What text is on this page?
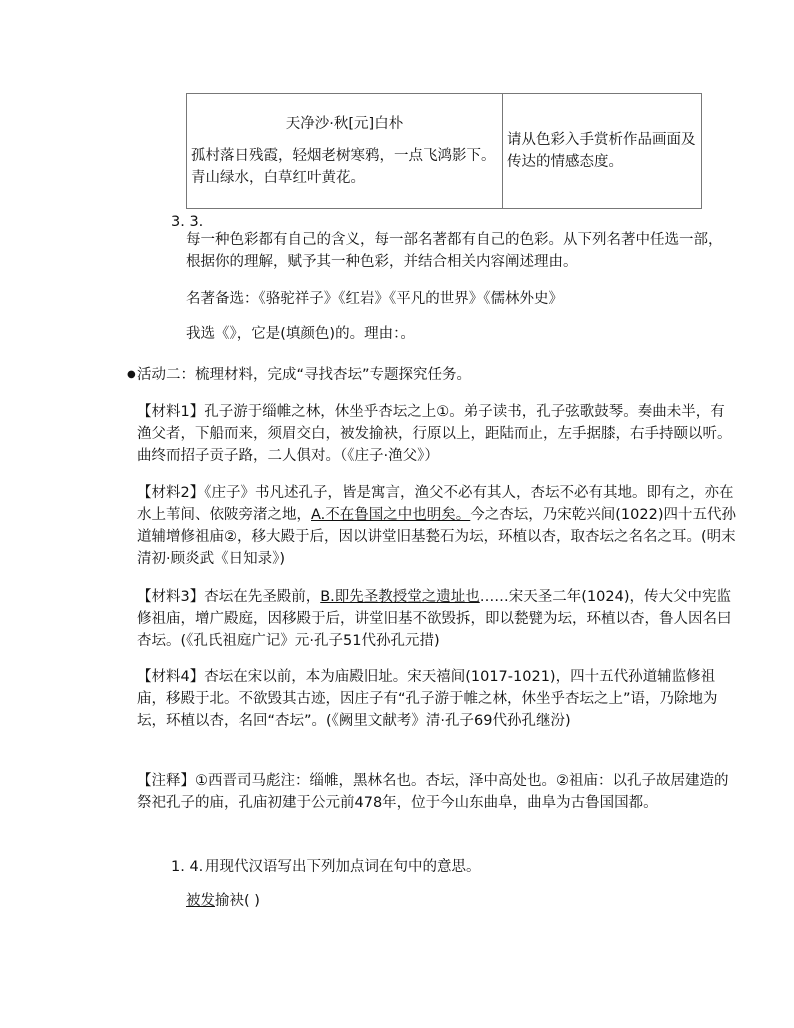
天净沙·秋[元]白朴

孤村落日残霞，轻烟老树寒鸦，一点飞鸿影下。青山绿水，白草红叶黄花。

请从色彩入手赏析作品画面及传达的情感态度。

3. 3.
每一种色彩都有自己的含义，每一部名著都有自己的色彩。从下列名著中任选一部，根据你的理解，赋予其一种色彩，并结合相关内容阐述理由。
名著备选：《骆驼祥子》《红岩》《平凡的世界》《儒林外史》
我选《》，它是(填颜色)的。理由：。
● 活动二：梳理材料，完成“寻找杏坛”专题探究任务。
【材料1】孔子游于缁帷之林，休坐乎杏坛之上①。弟子读书，孔子弦歌鼓琴。奏曲未半，有渔父者，下船而来，须眉交白，被发揄袂，行原以上，距陆而止，左手据膝，右手持颐以听。曲终而招子贡子路，二人俱对。（《庄子·渔父》）
【材料2】《庄子》书凡述孔子，皆是寓言，渔父不必有其人，杏坛不必有其地。即有之，亦在水上苇间、依陂旁渚之地，A.不在鲁国之中也明矣。今之杏坛，乃宋乾兴间(1022)四十五代孙道辅增修祖庙②，移大殿于后，因以讲堂旧基甃石为坛，环植以杏，取杏坛之名名之耳。(明末清初·顾炎武《日知录》)
【材料3】杏坛在先圣殿前，B.即先圣教授堂之遗址也……宋天圣二年(1024)，传大父中宪监修祖庙，增广殿庭，因移殿于后，讲堂旧基不欲毁拆，即以甃甓为坛，环植以杏，鲁人因名曰杏坛。(《孔氏祖庭广记》元·孔子51代孙孔元措)
【材料4】杏坛在宋以前，本为庙殿旧址。宋天禧间(1017-1021)，四十五代孙道辅监修祖庙，移殿于北。不欲毁其古迹，因庄子有“孔子游于帷之林，休坐乎杏坛之上”语，乃除地为坛，环植以杏，名回“杏坛”。(《阙里文献考》清·孔子69代孙孔继汾)
【注释】①西晋司马彪注：缁帷，黑林名也。杏坛，泽中高处也。②祖庙：以孔子故居建造的祭祀孔子的庙，孔庙初建于公元前478年，位于今山东曲阜，曲阜为古鲁国国都。
1. 4. 用现代汉语写出下列加点词在句中的意思。
被发揄袂( )
